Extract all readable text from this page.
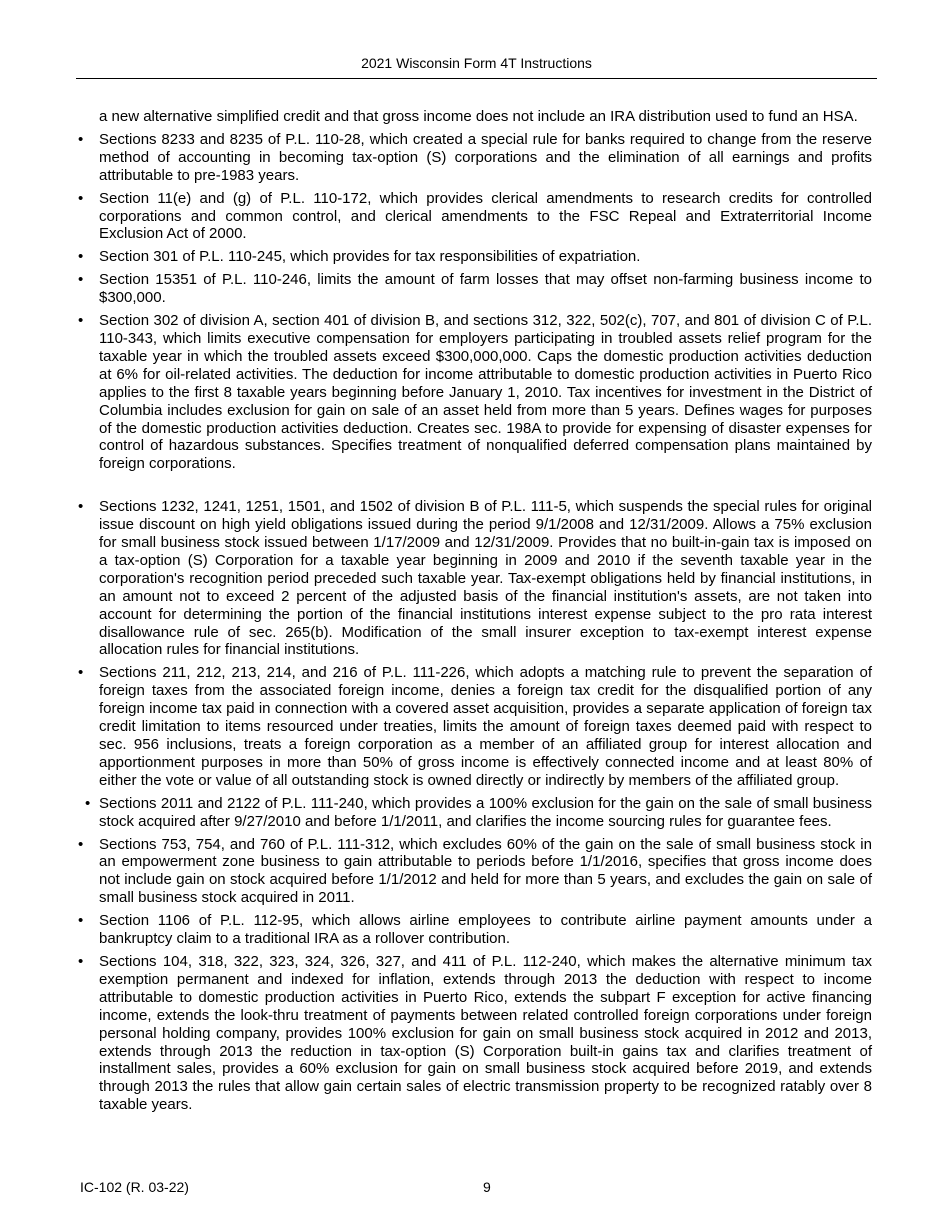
2021 Wisconsin Form 4T Instructions

a new alternative simplified credit and that gross income does not include an IRA distribution used to fund an HSA.

• Sections 8233 and 8235 of P.L. 110-28, which created a special rule for banks required to change from the reserve method of accounting in becoming tax-option (S) corporations and the elimination of all earnings and profits attributable to pre-1983 years.
• Section 11(e) and (g) of P.L. 110-172, which provides clerical amendments to research credits for controlled corporations and common control, and clerical amendments to the FSC Repeal and Extraterritorial Income Exclusion Act of 2000.
• Section 301 of P.L. 110-245, which provides for tax responsibilities of expatriation.
• Section 15351 of P.L. 110-246, limits the amount of farm losses that may offset non-farming business income to $300,000.
• Section 302 of division A, section 401 of division B, and sections 312, 322, 502(c), 707, and 801 of division C of P.L. 110-343, which limits executive compensation for employers participating in troubled assets relief program for the taxable year in which the troubled assets exceed $300,000,000. Caps the domestic production activities deduction at 6% for oil-related activities. The deduction for income attributable to domestic production activities in Puerto Rico applies to the first 8 taxable years beginning before January 1, 2010. Tax incentives for investment in the District of Columbia includes exclusion for gain on sale of an asset held from more than 5 years. Defines wages for purposes of the domestic production activities deduction. Creates sec. 198A to provide for expensing of disaster expenses for control of hazardous substances. Specifies treatment of nonqualified deferred compensation plans maintained by foreign corporations.
• Sections 1232, 1241, 1251, 1501, and 1502 of division B of P.L. 111-5, which suspends the special rules for original issue discount on high yield obligations issued during the period 9/1/2008 and 12/31/2009. Allows a 75% exclusion for small business stock issued between 1/17/2009 and 12/31/2009. Provides that no built-in-gain tax is imposed on a tax-option (S) Corporation for a taxable year beginning in 2009 and 2010 if the seventh taxable year in the corporation's recognition period preceded such taxable year. Tax-exempt obligations held by financial institutions, in an amount not to exceed 2 percent of the adjusted basis of the financial institution's assets, are not taken into account for determining the portion of the financial institutions interest expense subject to the pro rata interest disallowance rule of sec. 265(b). Modification of the small insurer exception to tax-exempt interest expense allocation rules for financial institutions.
• Sections 211, 212, 213, 214, and 216 of P.L. 111-226, which adopts a matching rule to prevent the separation of foreign taxes from the associated foreign income, denies a foreign tax credit for the disqualified portion of any foreign income tax paid in connection with a covered asset acquisition, provides a separate application of foreign tax credit limitation to items resourced under treaties, limits the amount of foreign taxes deemed paid with respect to sec. 956 inclusions, treats a foreign corporation as a member of an affiliated group for interest allocation and apportionment purposes in more than 50% of gross income is effectively connected income and at least 80% of either the vote or value of all outstanding stock is owned directly or indirectly by members of the affiliated group.
• Sections 2011 and 2122 of P.L. 111-240, which provides a 100% exclusion for the gain on the sale of small business stock acquired after 9/27/2010 and before 1/1/2011, and clarifies the income sourcing rules for guarantee fees.
• Sections 753, 754, and 760 of P.L. 111-312, which excludes 60% of the gain on the sale of small business stock in an empowerment zone business to gain attributable to periods before 1/1/2016, specifies that gross income does not include gain on stock acquired before 1/1/2012 and held for more than 5 years, and excludes the gain on sale of small business stock acquired in 2011.
• Section 1106 of P.L. 112-95, which allows airline employees to contribute airline payment amounts under a bankruptcy claim to a traditional IRA as a rollover contribution.
• Sections 104, 318, 322, 323, 324, 326, 327, and 411 of P.L. 112-240, which makes the alternative minimum tax exemption permanent and indexed for inflation, extends through 2013 the deduction with respect to income attributable to domestic production activities in Puerto Rico, extends the subpart F exception for active financing income, extends the look-thru treatment of payments between related controlled foreign corporations under foreign personal holding company, provides 100% exclusion for gain on small business stock acquired in 2012 and 2013, extends through 2013 the reduction in tax-option (S) Corporation built-in gains tax and clarifies treatment of installment sales, provides a 60% exclusion for gain on small business stock acquired before 2019, and extends through 2013 the rules that allow gain certain sales of electric transmission property to be recognized ratably over 8 taxable years.
IC-102 (R. 03-22)	9
